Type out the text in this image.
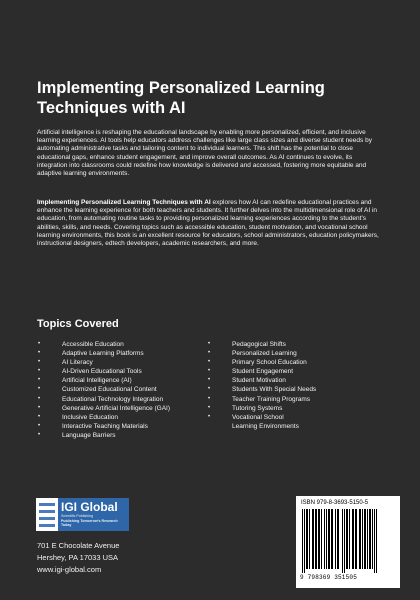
Implementing Personalized Learning Techniques with AI

Artificial intelligence is reshaping the educational landscape by enabling more personalized, efficient, and inclusive learning experiences. AI tools help educators address challenges like large class sizes and diverse student needs by automating administrative tasks and tailoring content to individual learners. This shift has the potential to close educational gaps, enhance student engagement, and improve overall outcomes. As AI continues to evolve, its integration into classrooms could redefine how knowledge is delivered and accessed, fostering more equitable and adaptive learning environments.

Implementing Personalized Learning Techniques with AI explores how AI can redefine educational practices and enhance the learning experience for both teachers and students. It further delves into the multidimensional role of AI in education, from automating routine tasks to providing personalized learning experiences according to the student's abilities, skills, and needs. Covering topics such as accessible education, student motivation, and vocational school learning environments, this book is an excellent resource for educators, school administrators, education policymakers, instructional designers, edtech developers, academic researchers, and more.

Topics Covered
• Accessible Education
• Adaptive Learning Platforms
• AI Literacy
• AI-Driven Educational Tools
• Artificial Intelligence (AI)
• Customized Educational Content
• Educational Technology Integration
• Generative Artificial Intelligence (GAI)
• Inclusive Education
• Interactive Teaching Materials
• Language Barriers
• Pedagogical Shifts
• Personalized Learning
• Primary School Education
• Student Engagement
• Student Motivation
• Students With Special Needs
• Teacher Training Programs
• Tutoring Systems
• Vocational School
Learning Environments
IGI Global
Scientific Publishing
Publishing Tomorrow's Research Today
701 E Chocolate Avenue
Hershey, PA 17033 USA
www.igi-global.com

ISBN 979-8-3693-5150-5

9 798369 351505
